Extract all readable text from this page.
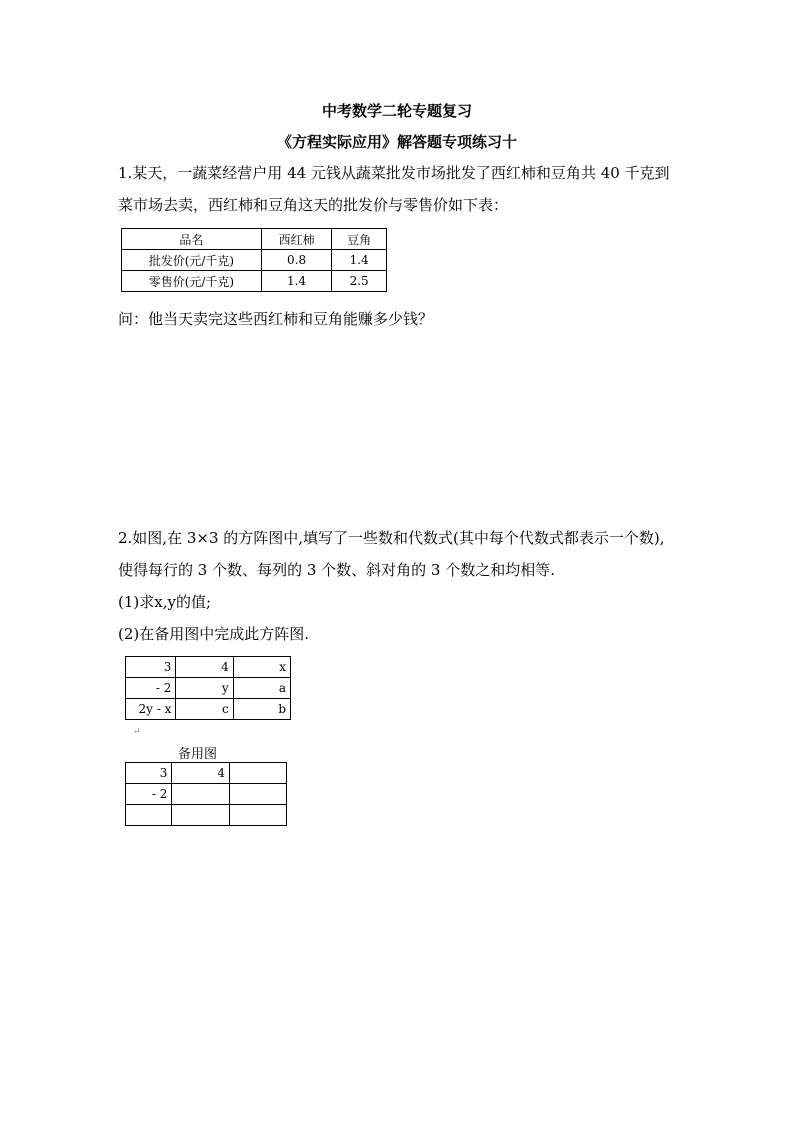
中考数学二轮专题复习
《方程实际应用》解答题专项练习十
1.某天，一蔬菜经营户用 44 元钱从蔬菜批发市场批发了西红柿和豆角共 40 千克到
菜市场去卖，西红柿和豆角这天的批发价与零售价如下表：
品名	西红柿	豆角
批发价(元/千克)	0.8	1.4
零售价(元/千克)	1.4	2.5
问：他当天卖完这些西红柿和豆角能赚多少钱？
2.如图,在 3×3 的方阵图中,填写了一些数和代数式(其中每个代数式都表示一个数),
使得每行的 3 个数、每列的 3 个数、斜对角的 3 个数之和均相等.
(1)求x,y的值;
(2)在备用图中完成此方阵图.
3	4	x
- 2	y	a
2y - x	c	b
↵
备用图
3	4	
- 2		
